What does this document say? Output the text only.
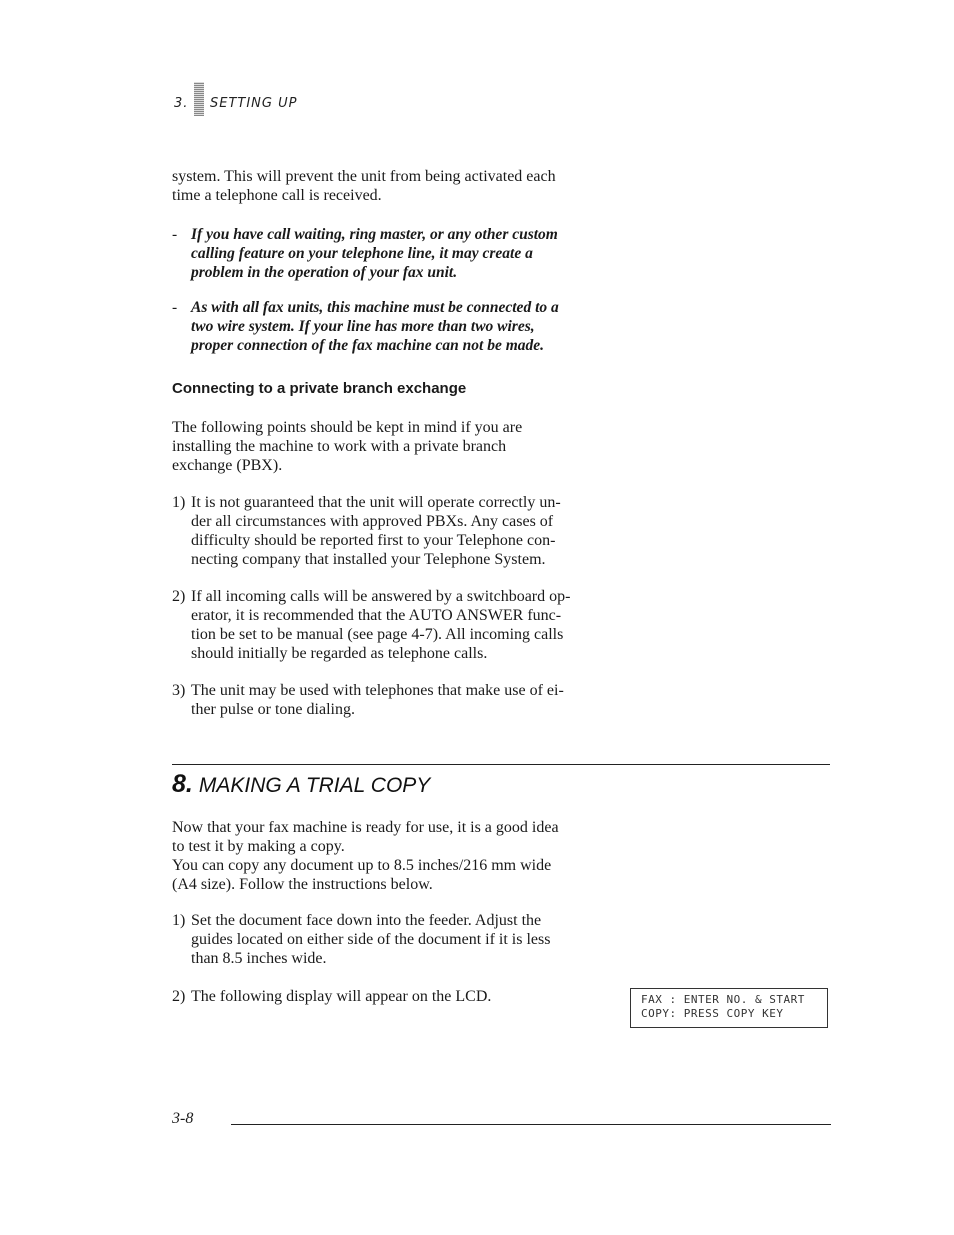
3. SETTING UP
system. This will prevent the unit from being activated each
time a telephone call is received.
- If you have call waiting, ring master, or any other custom
calling feature on your telephone line, it may create a
problem in the operation of your fax unit.
- As with all fax units, this machine must be connected to a
two wire system. If your line has more than two wires,
proper connection of the fax machine can not be made.
Connecting to a private branch exchange
The following points should be kept in mind if you are
installing the machine to work with a private branch
exchange (PBX).
1) It is not guaranteed that the unit will operate correctly un-
der all circumstances with approved PBXs. Any cases of
difficulty should be reported first to your Telephone con-
necting company that installed your Telephone System.
2) If all incoming calls will be answered by a switchboard op-
erator, it is recommended that the AUTO ANSWER func-
tion be set to be manual (see page 4-7). All incoming calls
should initially be regarded as telephone calls.
3) The unit may be used with telephones that make use of ei-
ther pulse or tone dialing.
8. MAKING A TRIAL COPY
Now that your fax machine is ready for use, it is a good idea
to test it by making a copy.
You can copy any document up to 8.5 inches/216 mm wide
(A4 size). Follow the instructions below.
1) Set the document face down into the feeder. Adjust the
guides located on either side of the document if it is less
than 8.5 inches wide.
2) The following display will appear on the LCD.	FAX : ENTER NO. & START
COPY: PRESS COPY KEY
3-8
